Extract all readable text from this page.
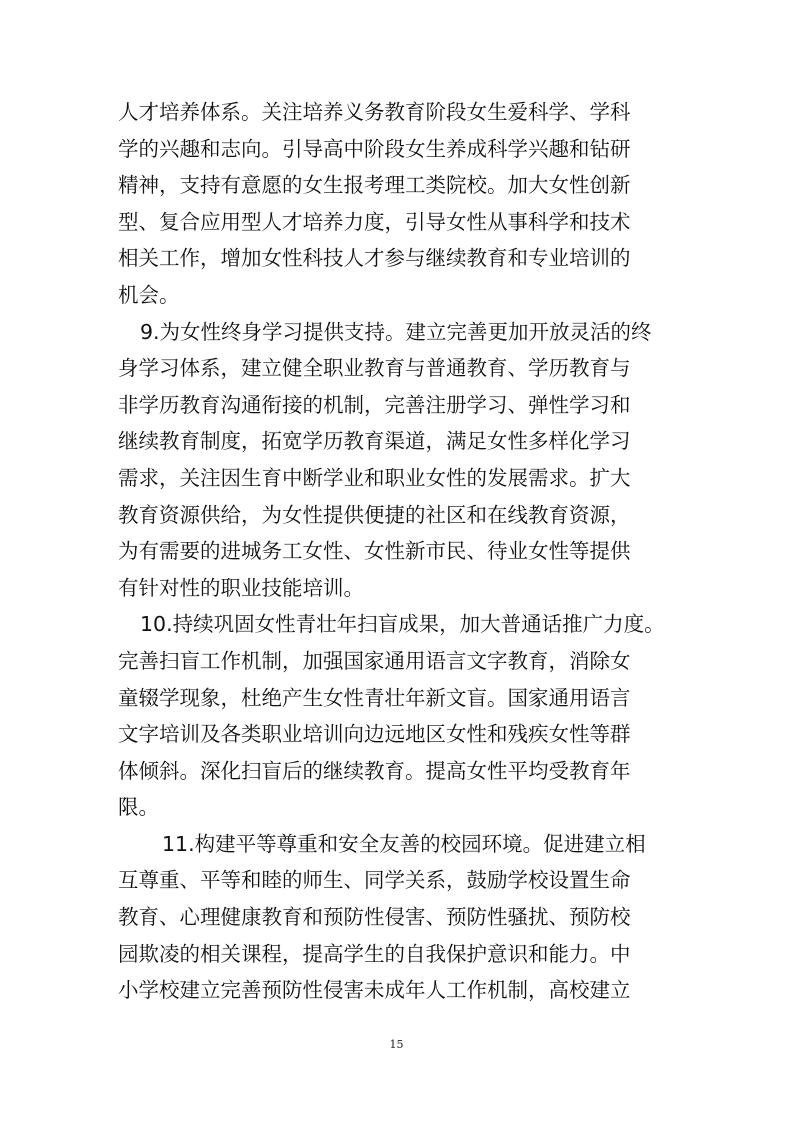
人才培养体系。关注培养义务教育阶段女生爱科学、学科
学的兴趣和志向。引导高中阶段女生养成科学兴趣和钻研
精神，支持有意愿的女生报考理工类院校。加大女性创新
型、复合应用型人才培养力度，引导女性从事科学和技术
相关工作，增加女性科技人才参与继续教育和专业培训的
机会。
9.为女性终身学习提供支持。建立完善更加开放灵活的终
身学习体系，建立健全职业教育与普通教育、学历教育与
非学历教育沟通衔接的机制，完善注册学习、弹性学习和
继续教育制度，拓宽学历教育渠道，满足女性多样化学习
需求，关注因生育中断学业和职业女性的发展需求。扩大
教育资源供给，为女性提供便捷的社区和在线教育资源，
为有需要的进城务工女性、女性新市民、待业女性等提供
有针对性的职业技能培训。
10.持续巩固女性青壮年扫盲成果，加大普通话推广力度。
完善扫盲工作机制，加强国家通用语言文字教育，消除女
童辍学现象，杜绝产生女性青壮年新文盲。国家通用语言
文字培训及各类职业培训向边远地区女性和残疾女性等群
体倾斜。深化扫盲后的继续教育。提高女性平均受教育年
限。
11.构建平等尊重和安全友善的校园环境。促进建立相
互尊重、平等和睦的师生、同学关系，鼓励学校设置生命
教育、心理健康教育和预防性侵害、预防性骚扰、预防校
园欺凌的相关课程，提高学生的自我保护意识和能力。中
小学校建立完善预防性侵害未成年人工作机制，高校建立
15
